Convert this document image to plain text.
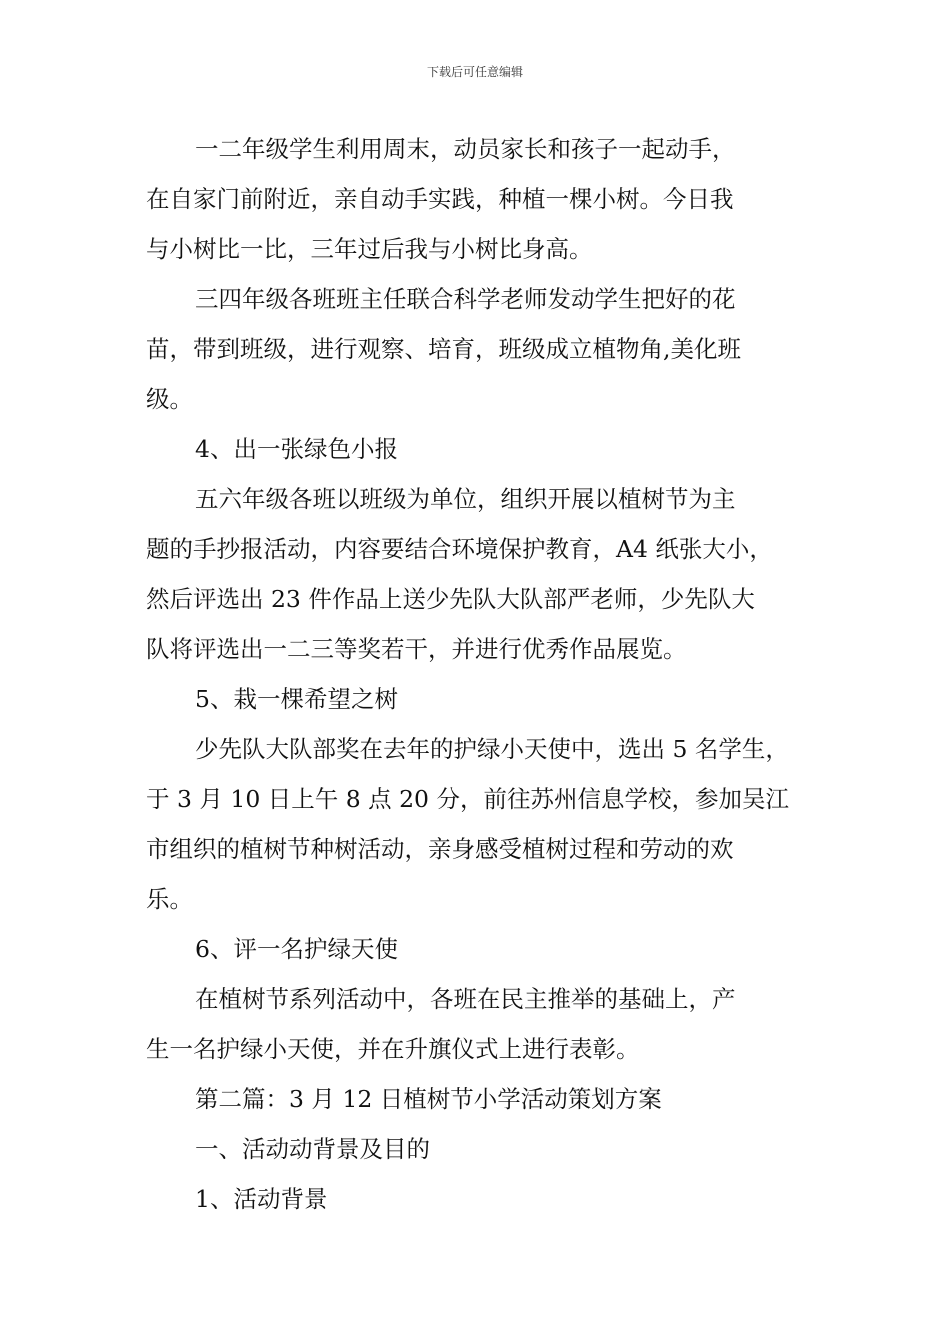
下载后可任意编辑
一二年级学生利用周末，动员家长和孩子一起动手，
在自家门前附近，亲自动手实践，种植一棵小树。今日我
与小树比一比，三年过后我与小树比身高。
三四年级各班班主任联合科学老师发动学生把好的花
苗，带到班级，进行观察、培育，班级成立植物角,美化班
级。
4、出一张绿色小报
五六年级各班以班级为单位，组织开展以植树节为主
题的手抄报活动，内容要结合环境保护教育，A4 纸张大小，
然后评选出 23 件作品上送少先队大队部严老师，少先队大
队将评选出一二三等奖若干，并进行优秀作品展览。
5、栽一棵希望之树
少先队大队部奖在去年的护绿小天使中，选出 5 名学生，
于 3 月 10 日上午 8 点 20 分，前往苏州信息学校，参加吴江
市组织的植树节种树活动，亲身感受植树过程和劳动的欢
乐。
6、评一名护绿天使
在植树节系列活动中，各班在民主推举的基础上，产
生一名护绿小天使，并在升旗仪式上进行表彰。
第二篇：3 月 12 日植树节小学活动策划方案
一、活动动背景及目的
1、活动背景
